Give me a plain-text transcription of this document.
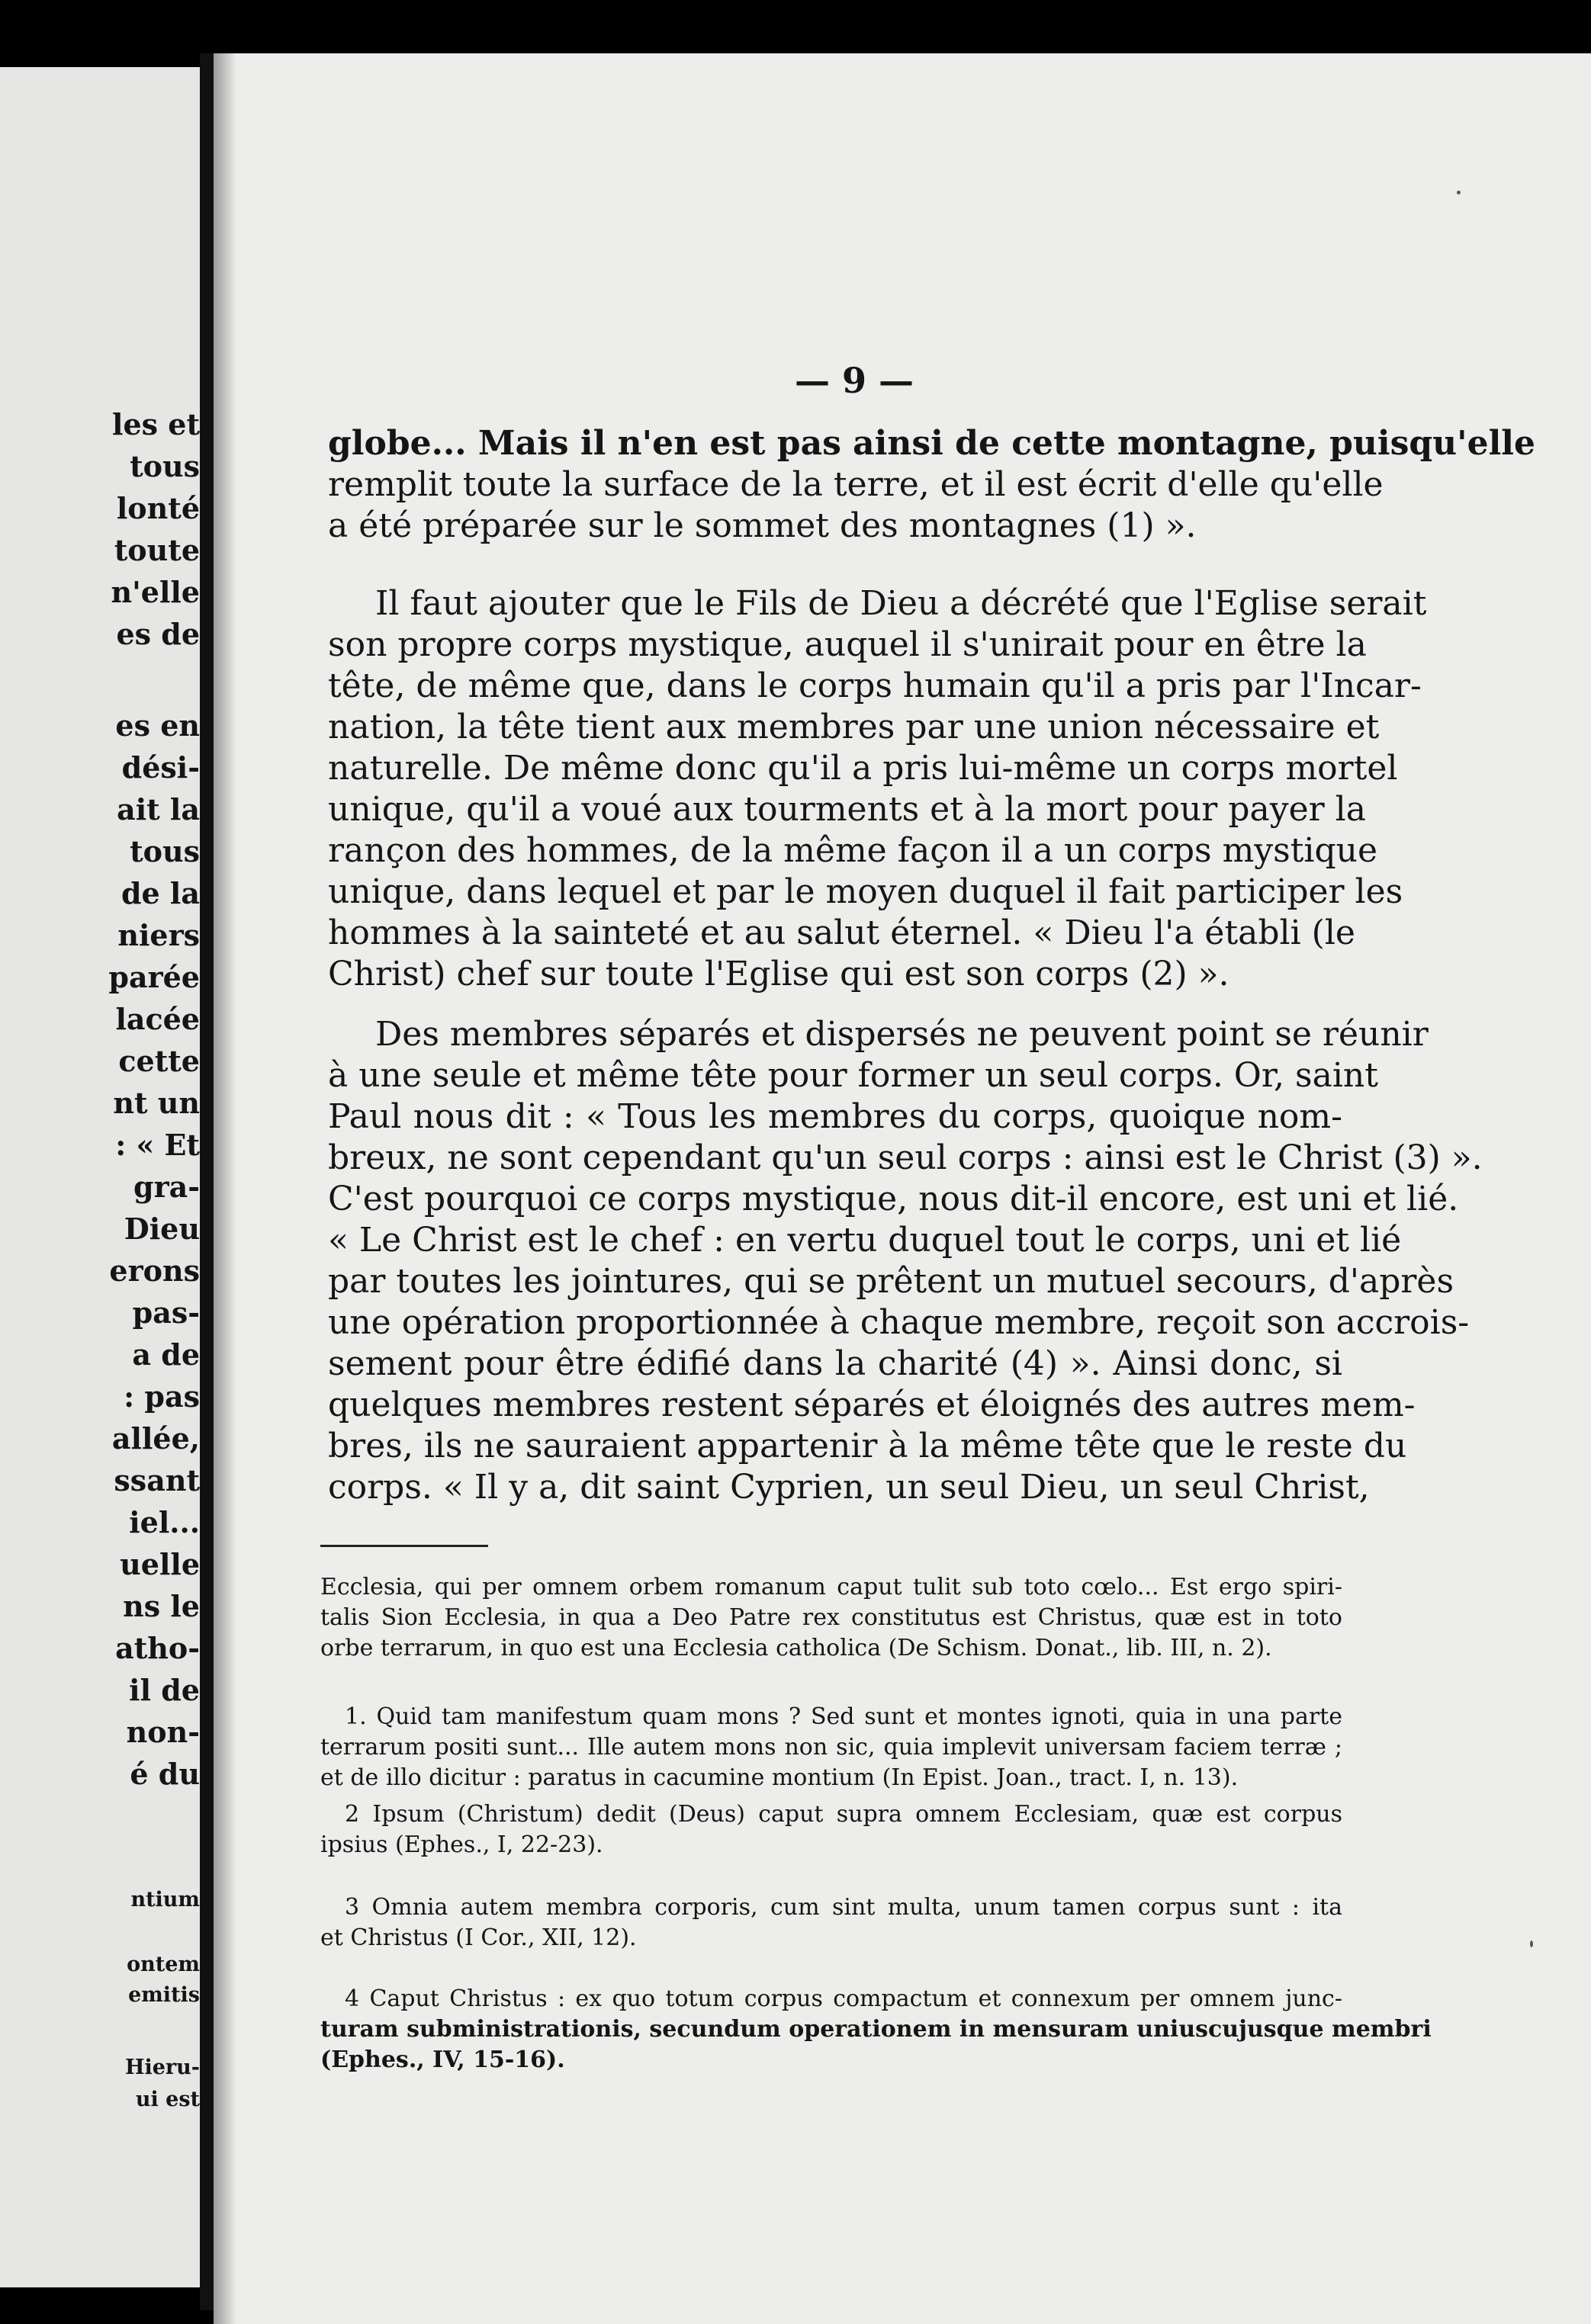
les et
tous
lonté
toute
n'elle
es de
es en
dési-
ait la
tous
de la
niers
parée
lacée
cette
nt un
: « Et
gra-
Dieu
erons
pas-
a de
: pas
allée,
ssant
iel...
uelle
ns le
atho-
il de
non-
é du
ntium
ontem
emitis
Hieru-
ui est
— 9 —
globe... Mais il n'en est pas ainsi de cette montagne, puisqu'elle
remplit toute la surface de la terre, et il est écrit d'elle qu'elle
a été préparée sur le sommet des montagnes (1) ».
Il faut ajouter que le Fils de Dieu a décrété que l'Eglise serait
son propre corps mystique, auquel il s'unirait pour en être la
tête, de même que, dans le corps humain qu'il a pris par l'Incar-
nation, la tête tient aux membres par une union nécessaire et
naturelle. De même donc qu'il a pris lui-même un corps mortel
unique, qu'il a voué aux tourments et à la mort pour payer la
rançon des hommes, de la même façon il a un corps mystique
unique, dans lequel et par le moyen duquel il fait participer les
hommes à la sainteté et au salut éternel. « Dieu l'a établi (le
Christ) chef sur toute l'Eglise qui est son corps (2) ».
Des membres séparés et dispersés ne peuvent point se réunir
à une seule et même tête pour former un seul corps. Or, saint
Paul nous dit : « Tous les membres du corps, quoique nom-
breux, ne sont cependant qu'un seul corps : ainsi est le Christ (3) ».
C'est pourquoi ce corps mystique, nous dit-il encore, est uni et lié.
« Le Christ est le chef : en vertu duquel tout le corps, uni et lié
par toutes les jointures, qui se prêtent un mutuel secours, d'après
une opération proportionnée à chaque membre, reçoit son accrois-
sement pour être édifié dans la charité (4) ». Ainsi donc, si
quelques membres restent séparés et éloignés des autres mem-
bres, ils ne sauraient appartenir à la même tête que le reste du
corps. « Il y a, dit saint Cyprien, un seul Dieu, un seul Christ,
Ecclesia, qui per omnem orbem romanum caput tulit sub toto cœlo... Est ergo spiri-
talis Sion Ecclesia, in qua a Deo Patre rex constitutus est Christus, quæ est in toto
orbe terrarum, in quo est una Ecclesia catholica (De Schism. Donat., lib. III, n. 2).
1. Quid tam manifestum quam mons ? Sed sunt et montes ignoti, quia in una parte
terrarum positi sunt... Ille autem mons non sic, quia implevit universam faciem terræ ;
et de illo dicitur : paratus in cacumine montium (In Epist. Joan., tract. I, n. 13).
2 Ipsum (Christum) dedit (Deus) caput supra omnem Ecclesiam, quæ est corpus
ipsius (Ephes., I, 22-23).
3 Omnia autem membra corporis, cum sint multa, unum tamen corpus sunt : ita
et Christus (I Cor., XII, 12).
4 Caput Christus : ex quo totum corpus compactum et connexum per omnem junc-
turam subministrationis, secundum operationem in mensuram uniuscujusque membri
(Ephes., IV, 15-16).
